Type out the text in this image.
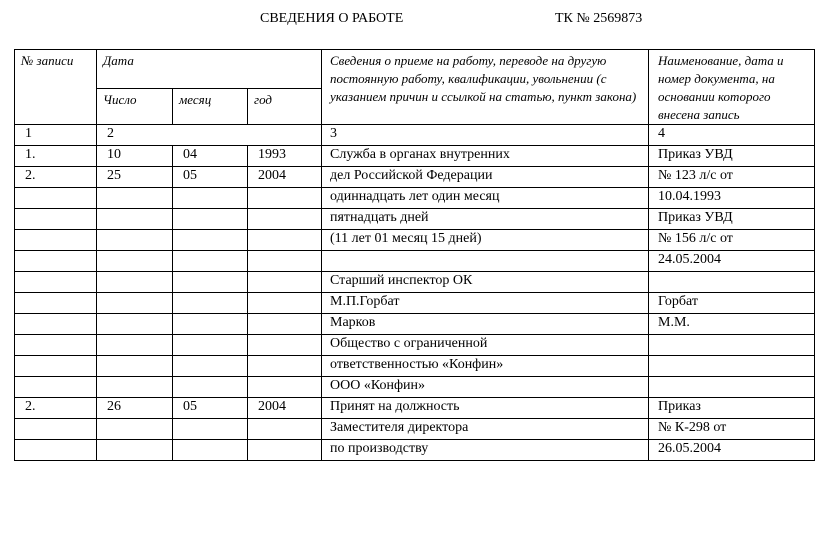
СВЕДЕНИЯ О РАБОТЕ	ТК № 2569873
№ записи	Дата			Сведения о приеме на работу, переводе на другую постоянную работу, квалификации, увольнении (с указанием причин и ссылкой на статью, пункт закона)	Наименование, дата и номер документа, на основании которого внесена запись
	Число	месяц	год		
1	2			3	4
1.	10	04	1993	Служба в органах внутренних	Приказ УВД
2.	25	05	2004	дел Российской Федерации	№ 123 л/с от
				одиннадцать лет один месяц	10.04.1993
				пятнадцать дней	Приказ УВД
				(11 лет 01 месяц 15 дней)	№ 156 л/с от
					24.05.2004
				Старший инспектор ОК	
				М.П.Горбат	Горбат
				Марков	М.М.
				Общество с ограниченной	
				ответственностью «Конфин»	
				ООО «Конфин»	
2.	26	05	2004	Принят на должность	Приказ
				Заместителя директора	№ К-298 от
				по производству	26.05.2004
